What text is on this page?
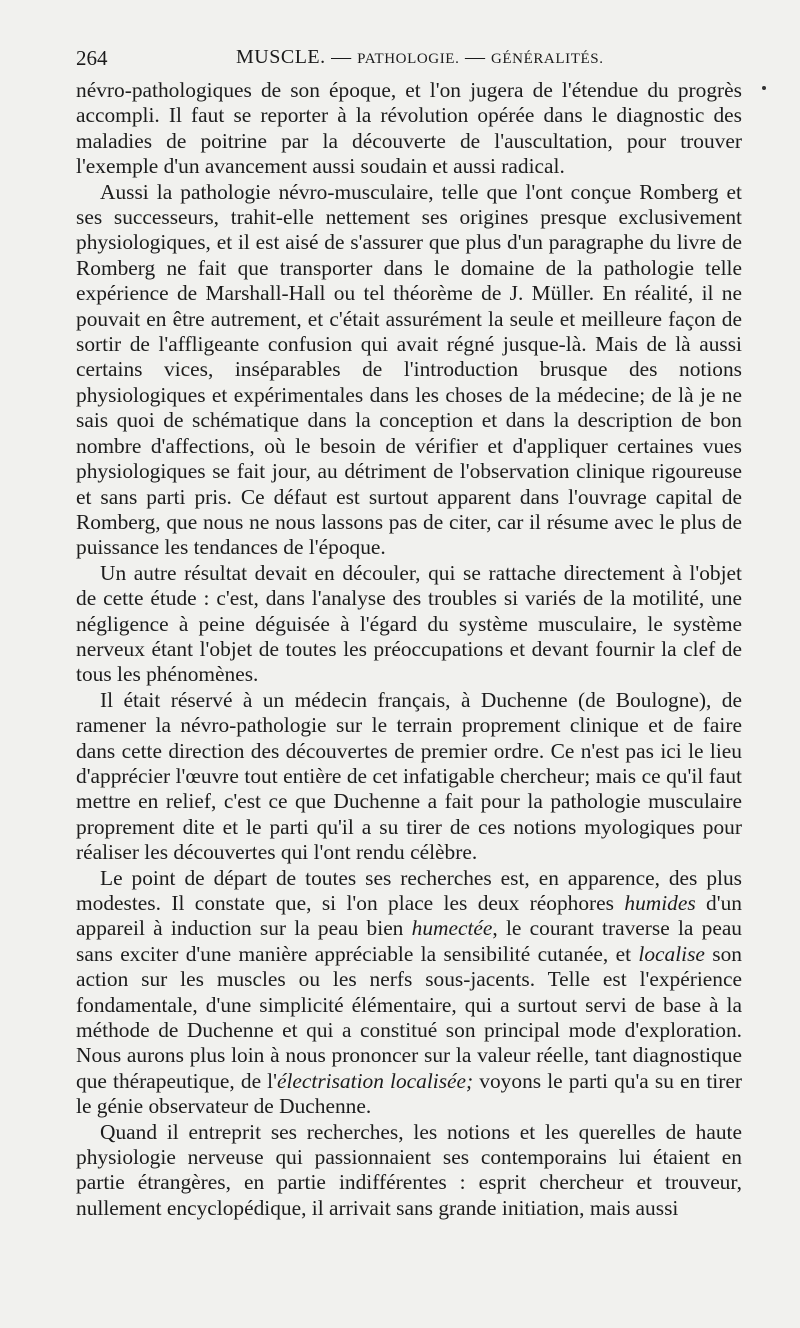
264	MUSCLE. — PATHOLOGIE. — GÉNÉRALITÉS.

névro-pathologiques de son époque, et l'on jugera de l'étendue du progrès accompli. Il faut se reporter à la révolution opérée dans le diagnostic des maladies de poitrine par la découverte de l'auscultation, pour trouver l'exemple d'un avancement aussi soudain et aussi radical.

Aussi la pathologie névro-musculaire, telle que l'ont conçue Romberg et ses successeurs, trahit-elle nettement ses origines presque exclusivement physiologiques, et il est aisé de s'assurer que plus d'un paragraphe du livre de Romberg ne fait que transporter dans le domaine de la pathologie telle expérience de Marshall-Hall ou tel théorème de J. Müller. En réalité, il ne pouvait en être autrement, et c'était assurément la seule et meilleure façon de sortir de l'affligeante confusion qui avait régné jusque-là. Mais de là aussi certains vices, inséparables de l'introduction brusque des notions physiologiques et expérimentales dans les choses de la médecine; de là je ne sais quoi de schématique dans la conception et dans la description de bon nombre d'affections, où le besoin de vérifier et d'appliquer certaines vues physiologiques se fait jour, au détriment de l'observation clinique rigoureuse et sans parti pris. Ce défaut est surtout apparent dans l'ouvrage capital de Romberg, que nous ne nous lassons pas de citer, car il résume avec le plus de puissance les tendances de l'époque.

Un autre résultat devait en découler, qui se rattache directement à l'objet de cette étude : c'est, dans l'analyse des troubles si variés de la motilité, une négligence à peine déguisée à l'égard du système musculaire, le système nerveux étant l'objet de toutes les préoccupations et devant fournir la clef de tous les phénomènes.

Il était réservé à un médecin français, à Duchenne (de Boulogne), de ramener la névro-pathologie sur le terrain proprement clinique et de faire dans cette direction des découvertes de premier ordre. Ce n'est pas ici le lieu d'apprécier l'œuvre tout entière de cet infatigable chercheur; mais ce qu'il faut mettre en relief, c'est ce que Duchenne a fait pour la pathologie musculaire proprement dite et le parti qu'il a su tirer de ces notions myologiques pour réaliser les découvertes qui l'ont rendu célèbre.

Le point de départ de toutes ses recherches est, en apparence, des plus modestes. Il constate que, si l'on place les deux réophores humides d'un appareil à induction sur la peau bien humectée, le courant traverse la peau sans exciter d'une manière appréciable la sensibilité cutanée, et localise son action sur les muscles ou les nerfs sous-jacents. Telle est l'expérience fondamentale, d'une simplicité élémentaire, qui a surtout servi de base à la méthode de Duchenne et qui a constitué son principal mode d'exploration. Nous aurons plus loin à nous prononcer sur la valeur réelle, tant diagnostique que thérapeutique, de l'électrisation localisée; voyons le parti qu'a su en tirer le génie observateur de Duchenne.

Quand il entreprit ses recherches, les notions et les querelles de haute physiologie nerveuse qui passionnaient ses contemporains lui étaient en partie étrangères, en partie indifférentes : esprit chercheur et trouveur, nullement encyclopédique, il arrivait sans grande initiation, mais aussi
